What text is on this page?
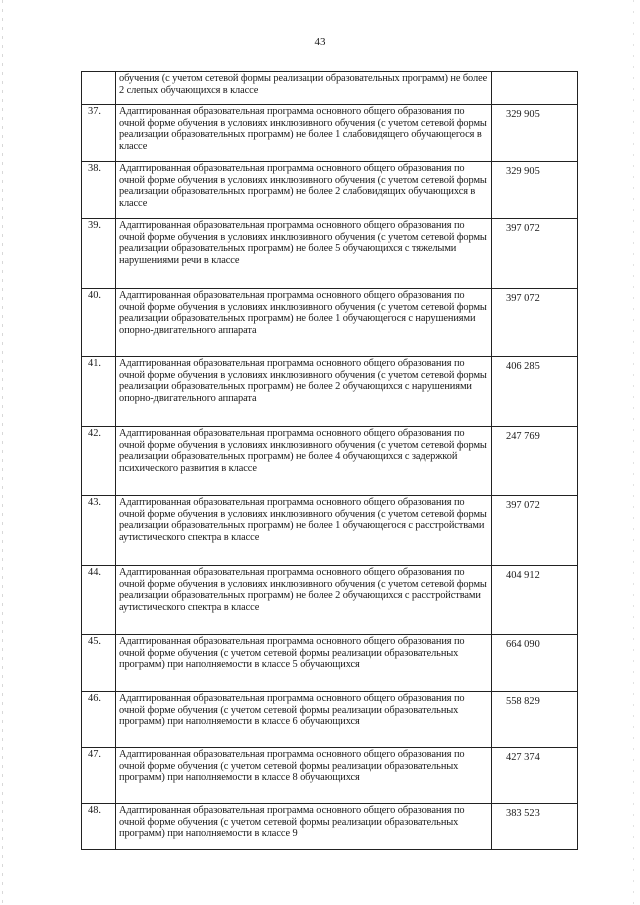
43
	обучения (с учетом сетевой формы реализации образовательных программ) не более 2 слепых обучающихся в классе	
37.	Адаптированная образовательная программа основного общего образования по очной форме обучения в условиях инклюзивного обучения (с учетом сетевой формы реализации образовательных программ) не более 1 слабовидящего обучающегося в классе	329 905
38.	Адаптированная образовательная программа основного общего образования по очной форме обучения в условиях инклюзивного обучения (с учетом сетевой формы реализации образовательных программ) не более 2 слабовидящих обучающихся в классе	329 905
39.	Адаптированная образовательная программа основного общего образования по очной форме обучения в условиях инклюзивного обучения (с учетом сетевой формы реализации образовательных программ) не более 5 обучающихся с тяжелыми нарушениями речи в классе	397 072
40.	Адаптированная образовательная программа основного общего образования по очной форме обучения в условиях инклюзивного обучения (с учетом сетевой формы реализации образовательных программ) не более 1 обучающегося с нарушениями опорно-двигательного аппарата	397 072
41.	Адаптированная образовательная программа основного общего образования по очной форме обучения в условиях инклюзивного обучения (с учетом сетевой формы реализации образовательных программ) не более 2 обучающихся с нарушениями опорно-двигательного аппарата	406 285
42.	Адаптированная образовательная программа основного общего образования по очной форме обучения в условиях инклюзивного обучения (с учетом сетевой формы реализации образовательных программ) не более 4 обучающихся с задержкой психического развития в классе	247 769
43.	Адаптированная образовательная программа основного общего образования по очной форме обучения в условиях инклюзивного обучения (с учетом сетевой формы реализации образовательных программ) не более 1 обучающегося с расстройствами аутистического спектра в классе	397 072
44.	Адаптированная образовательная программа основного общего образования по очной форме обучения в условиях инклюзивного обучения (с учетом сетевой формы реализации образовательных программ) не более 2 обучающихся с расстройствами аутистического спектра в классе	404 912
45.	Адаптированная образовательная программа основного общего образования по очной форме обучения (с учетом сетевой формы реализации образовательных программ) при наполняемости в классе 5 обучающихся	664 090
46.	Адаптированная образовательная программа основного общего образования по очной форме обучения (с учетом сетевой формы реализации образовательных программ) при наполняемости в классе 6 обучающихся	558 829
47.	Адаптированная образовательная программа основного общего образования по очной форме обучения (с учетом сетевой формы реализации образовательных программ) при наполняемости в классе 8 обучающихся	427 374
48.	Адаптированная образовательная программа основного общего образования по очной форме обучения (с учетом сетевой формы реализации образовательных программ) при наполняемости в классе 9	383 523
